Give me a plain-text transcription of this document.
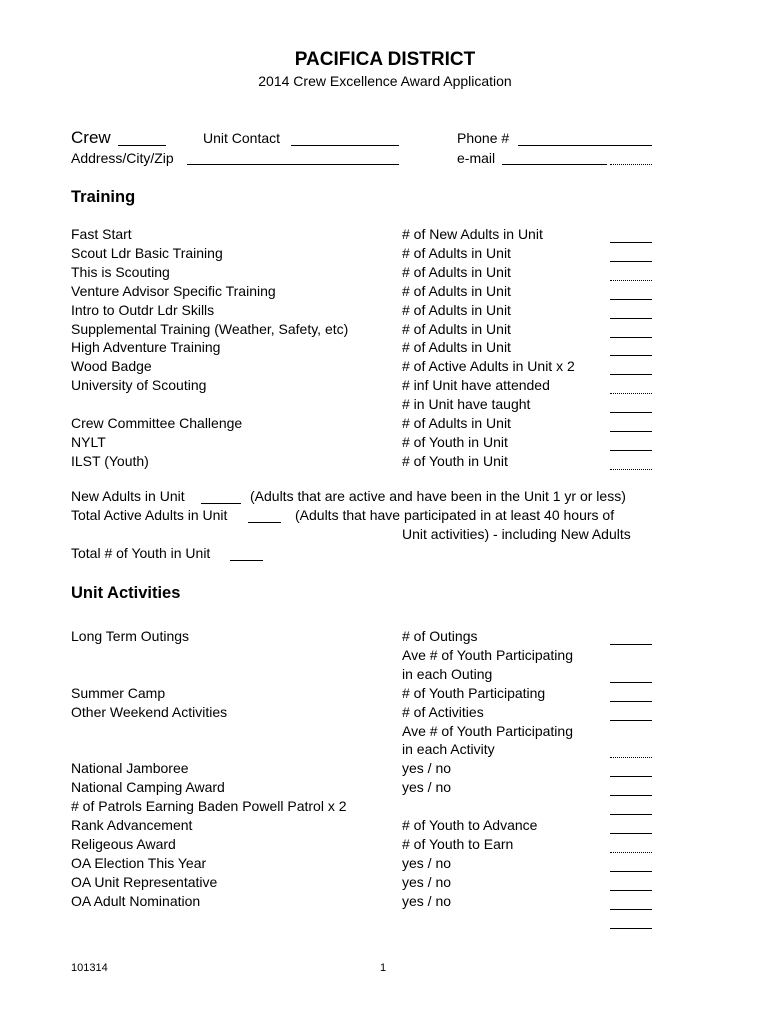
PACIFICA DISTRICT
2014 Crew Excellence Award Application
Crew	Unit Contact	Phone #
Address/City/Zip	e-mail
Training
Fast Start	# of New Adults in Unit
Scout Ldr Basic Training	# of Adults in Unit
This is Scouting	# of Adults in Unit
Venture Advisor Specific Training	# of Adults in Unit
Intro to Outdr Ldr Skills	# of Adults in Unit
Supplemental Training (Weather, Safety, etc)	# of Adults in Unit
High Adventure Training	# of Adults in Unit
Wood Badge	# of Active Adults in Unit x 2
University of Scouting	# inf Unit have attended
# in Unit have taught
Crew Committee Challenge	# of Adults in Unit
NYLT	# of Youth in Unit
ILST (Youth)	# of Youth in Unit
New Adults in Unit	(Adults that are active and have been in the Unit 1 yr or less)
Total Active Adults in Unit	(Adults that have participated in at least 40 hours of
Unit activities) - including New Adults
Total # of Youth in Unit
Unit Activities
Long Term Outings	# of Outings
Ave # of Youth Participating
in each Outing
Summer Camp	# of Youth Participating
Other Weekend Activities	# of Activities
Ave # of Youth Participating
in each Activity
National Jamboree	yes / no
National Camping Award	yes / no
# of Patrols Earning Baden Powell Patrol x 2
Rank Advancement	# of Youth to Advance
Religeous Award	# of Youth to Earn
OA Election This Year	yes / no
OA Unit Representative	yes / no
OA Adult Nomination	yes / no
101314	1
